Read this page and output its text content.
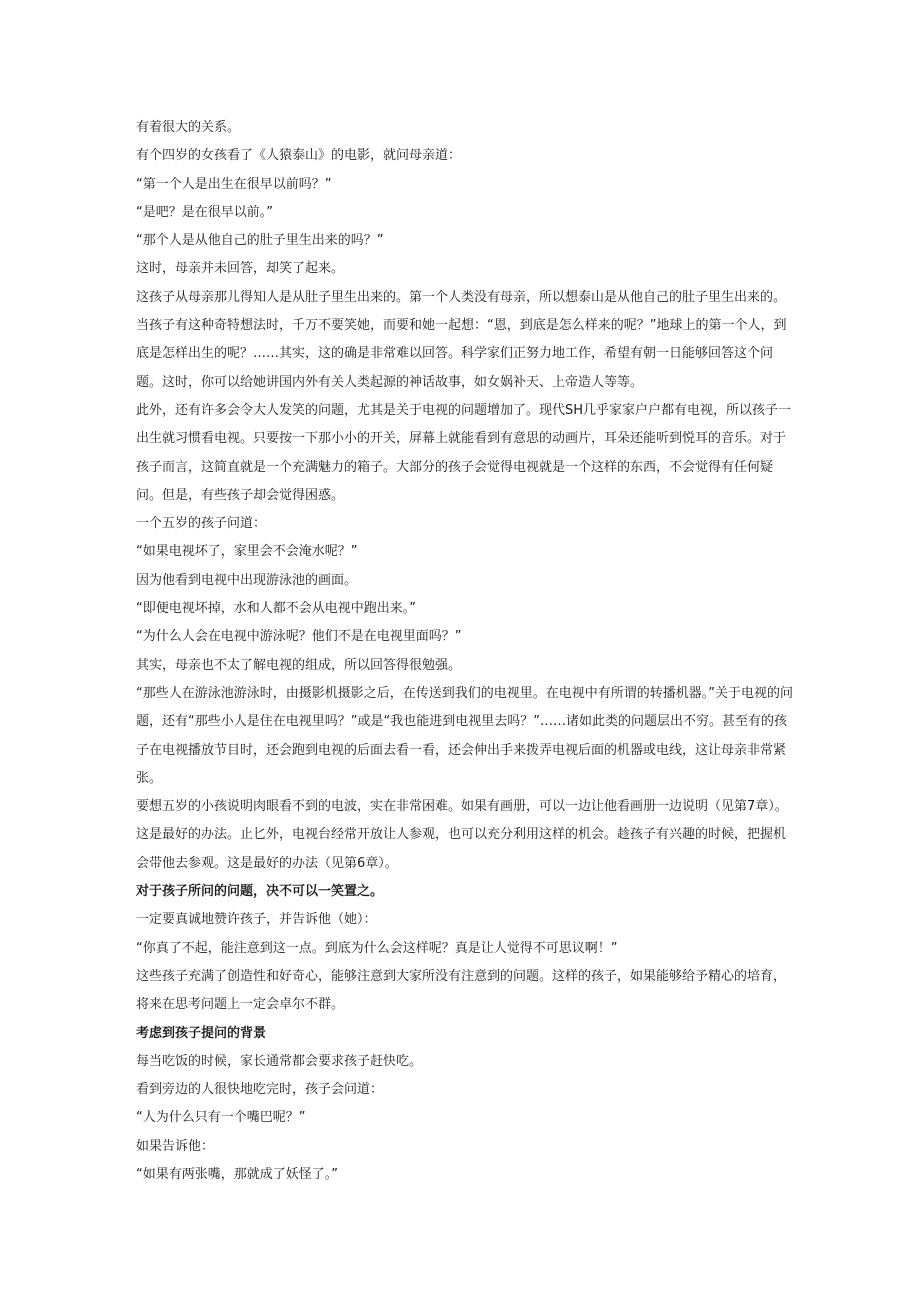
有着很大的关系。

有个四岁的女孩看了《人猿泰山》的电影，就问母亲道：

“第一个人是出生在很早以前吗？”

“是吧？是在很早以前。”

“那个人是从他自己的肚子里生出来的吗？”

这时，母亲并未回答，却笑了起来。

这孩子从母亲那儿得知人是从肚子里生出来的。第一个人类没有母亲，所以想泰山是从他自己的肚子里生出来的。当孩子有这种奇特想法时，千万不要笑她，而要和她一起想：“恩，到底是怎么样来的呢？”地球上的第一个人，到底是怎样出生的呢？……其实，这的确是非常难以回答。科学家们正努力地工作，希望有朝一日能够回答这个问题。这时，你可以给她讲国内外有关人类起源的神话故事，如女娲补天、上帝造人等等。

此外，还有许多会令大人发笑的问题，尤其是关于电视的问题增加了。现代SH几乎家家户户都有电视，所以孩子一出生就习惯看电视。只要按一下那小小的开关，屏幕上就能看到有意思的动画片，耳朵还能听到悦耳的音乐。对于孩子而言，这简直就是一个充满魅力的箱子。大部分的孩子会觉得电视就是一个这样的东西，不会觉得有任何疑问。但是，有些孩子却会觉得困惑。

一个五岁的孩子问道：

“如果电视坏了，家里会不会淹水呢？”

因为他看到电视中出现游泳池的画面。

“即便电视坏掉，水和人都不会从电视中跑出来。”

“为什么人会在电视中游泳呢？他们不是在电视里面吗？”

其实，母亲也不太了解电视的组成，所以回答得很勉强。

“那些人在游泳池游泳时，由摄影机摄影之后，在传送到我们的电视里。在电视中有所谓的转播机器。”关于电视的问题，还有“那些小人是住在电视里吗？”或是“我也能进到电视里去吗？”……诸如此类的问题层出不穷。甚至有的孩子在电视播放节目时，还会跑到电视的后面去看一看，还会伸出手来拨弄电视后面的机器或电线，这让母亲非常紧张。

要想五岁的小孩说明肉眼看不到的电波，实在非常困难。如果有画册，可以一边让他看画册一边说明（见第7章）。这是最好的办法。止匕外，电视台经常开放让人参观，也可以充分利用这样的机会。趁孩子有兴趣的时候，把握机会带他去参观。这是最好的办法（见第6章）。

对于孩子所问的问题，决不可以一笑置之。

一定要真诚地赞许孩子，并告诉他（她）：

“你真了不起，能注意到这一点。到底为什么会这样呢？真是让人觉得不可思议啊！”

这些孩子充满了创造性和好奇心，能够注意到大家所没有注意到的问题。这样的孩子，如果能够给予精心的培育，将来在思考问题上一定会卓尔不群。

考虑到孩子提问的背景

每当吃饭的时候，家长通常都会要求孩子赶快吃。

看到旁边的人很快地吃完时，孩子会问道：

“人为什么只有一个嘴巴呢？”

如果告诉他：

“如果有两张嘴，那就成了妖怪了。”
